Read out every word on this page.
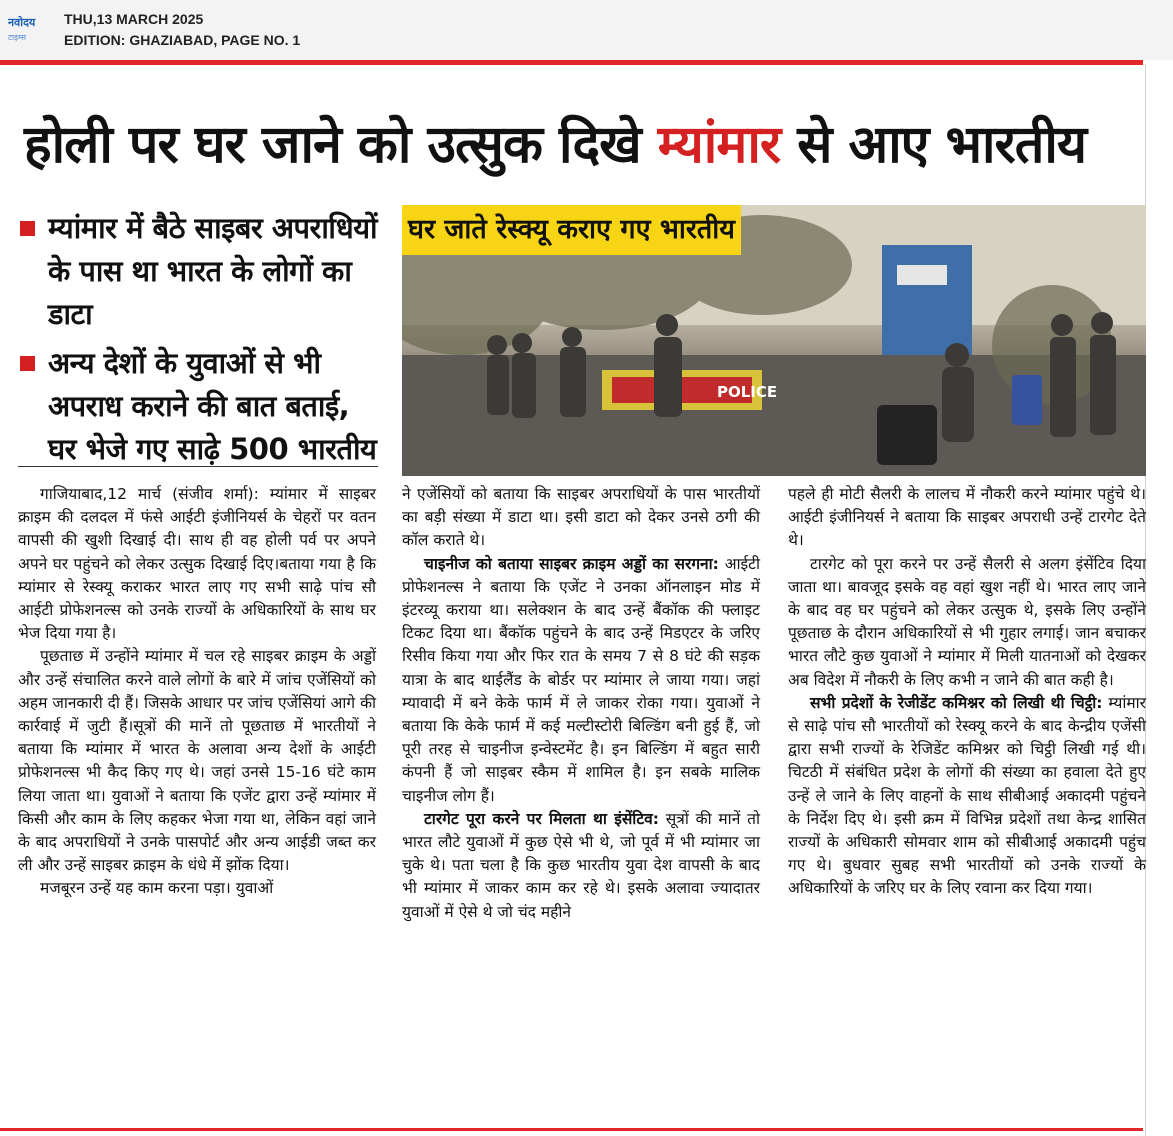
नवोदय
टाइम्स
THU,13 MARCH 2025
EDITION: GHAZIABAD, PAGE NO. 1
होली पर घर जाने को उत्सुक दिखे म्यांमार से आए भारतीय
म्यांमार में बैठे साइबर अपराधियों के पास था भारत के लोगों का डाटा
अन्य देशों के युवाओं से भी अपराध कराने की बात बताई, घर भेजे गए साढ़े 500 भारतीय
POLICE
घर जाते रेस्क्यू कराए गए भारतीय

गाजियाबाद,12 मार्च (संजीव शर्मा): म्यांमार में साइबर क्राइम की दलदल में फंसे आईटी इंजीनियर्स के चेहरों पर वतन वापसी की खुशी दिखाई दी। साथ ही वह होली पर्व पर अपने अपने घर पहुंचने को लेकर उत्सुक दिखाई दिए।बताया गया है कि म्यांमार से रेस्क्यू कराकर भारत लाए गए सभी साढ़े पांच सौ आईटी प्रोफेशनल्स को उनके राज्यों के अधिकारियों के साथ घर भेज दिया गया है।

पूछताछ में उन्होंने म्यांमार में चल रहे साइबर क्राइम के अड्डों और उन्हें संचालित करने वाले लोगों के बारे में जांच एजेंसियों को अहम जानकारी दी हैं। जिसके आधार पर जांच एजेंसियां आगे की कार्रवाई में जुटी हैं।सूत्रों की मानें तो पूछताछ में भारतीयों ने बताया कि म्यांमार में भारत के अलावा अन्य देशों के आईटी प्रोफेशनल्स भी कैद किए गए थे। जहां उनसे 15-16 घंटे काम लिया जाता था। युवाओं ने बताया कि एजेंट द्वारा उन्हें म्यांमार में किसी और काम के लिए कहकर भेजा गया था, लेकिन वहां जाने के बाद अपराधियों ने उनके पासपोर्ट और अन्य आईडी जब्त कर ली और उन्हें साइबर क्राइम के धंधे में झोंक दिया।

मजबूरन उन्हें यह काम करना पड़ा। युवाओं

ने एजेंसियों को बताया कि साइबर अपराधियों के पास भारतीयों का बड़ी संख्या में डाटा था। इसी डाटा को देकर उनसे ठगी की कॉल कराते थे।

चाइनीज को बताया साइबर क्राइम अड्डों का सरगना: आईटी प्रोफेशनल्स ने बताया कि एजेंट ने उनका ऑनलाइन मोड में इंटरव्यू कराया था। सलेक्शन के बाद उन्हें बैंकॉक की फ्लाइट टिकट दिया था। बैंकॉक पहुंचने के बाद उन्हें मिडएटर के जरिए रिसीव किया गया और फिर रात के समय 7 से 8 घंटे की सड़क यात्रा के बाद थाईलैंड के बोर्डर पर म्यांमार ले जाया गया। जहां म्यावादी में बने केके फार्म में ले जाकर रोका गया। युवाओं ने बताया कि केके फार्म में कई मल्टीस्टोरी बिल्डिंग बनी हुई हैं, जो पूरी तरह से चाइनीज इन्वेस्टमेंट है। इन बिल्डिंग में बहुत सारी कंपनी हैं जो साइबर स्कैम में शामिल है। इन सबके मालिक चाइनीज लोग हैं।

टारगेट पूरा करने पर मिलता था इंसेंटिव: सूत्रों की मानें तो भारत लौटे युवाओं में कुछ ऐसे भी थे, जो पूर्व में भी म्यांमार जा चुके थे। पता चला है कि कुछ भारतीय युवा देश वापसी के बाद भी म्यांमार में जाकर काम कर रहे थे। इसके अलावा ज्यादातर युवाओं में ऐसे थे जो चंद महीने

पहले ही मोटी सैलरी के लालच में नौकरी करने म्यांमार पहुंचे थे। आईटी इंजीनियर्स ने बताया कि साइबर अपराधी उन्हें टारगेट देते थे।

टारगेट को पूरा करने पर उन्हें सैलरी से अलग इंसेंटिव दिया जाता था। बावजूद इसके वह वहां खुश नहीं थे। भारत लाए जाने के बाद वह घर पहुंचने को लेकर उत्सुक थे, इसके लिए उन्होंने पूछताछ के दौरान अधिकारियों से भी गुहार लगाई। जान बचाकर भारत लौटे कुछ युवाओं ने म्यांमार में मिली यातनाओं को देखकर अब विदेश में नौकरी के लिए कभी न जाने की बात कही है।

सभी प्रदेशों के रेजीडेंट कमिश्नर को लिखी थी चिट्ठी: म्यांमार से साढ़े पांच सौ भारतीयों को रेस्क्यू करने के बाद केन्द्रीय एजेंसी द्वारा सभी राज्यों के रेजिडेंट कमिश्नर को चिट्ठी लिखी गई थी। चिटठी में संबंधित प्रदेश के लोगों की संख्या का हवाला देते हुए उन्हें ले जाने के लिए वाहनों के साथ सीबीआई अकादमी पहुंचने के निर्देश दिए थे। इसी क्रम में विभिन्न प्रदेशों तथा केन्द्र शासित राज्यों के अधिकारी सोमवार शाम को सीबीआई अकादमी पहुंच गए थे। बुधवार सुबह सभी भारतीयों को उनके राज्यों के अधिकारियों के जरिए घर के लिए रवाना कर दिया गया।
